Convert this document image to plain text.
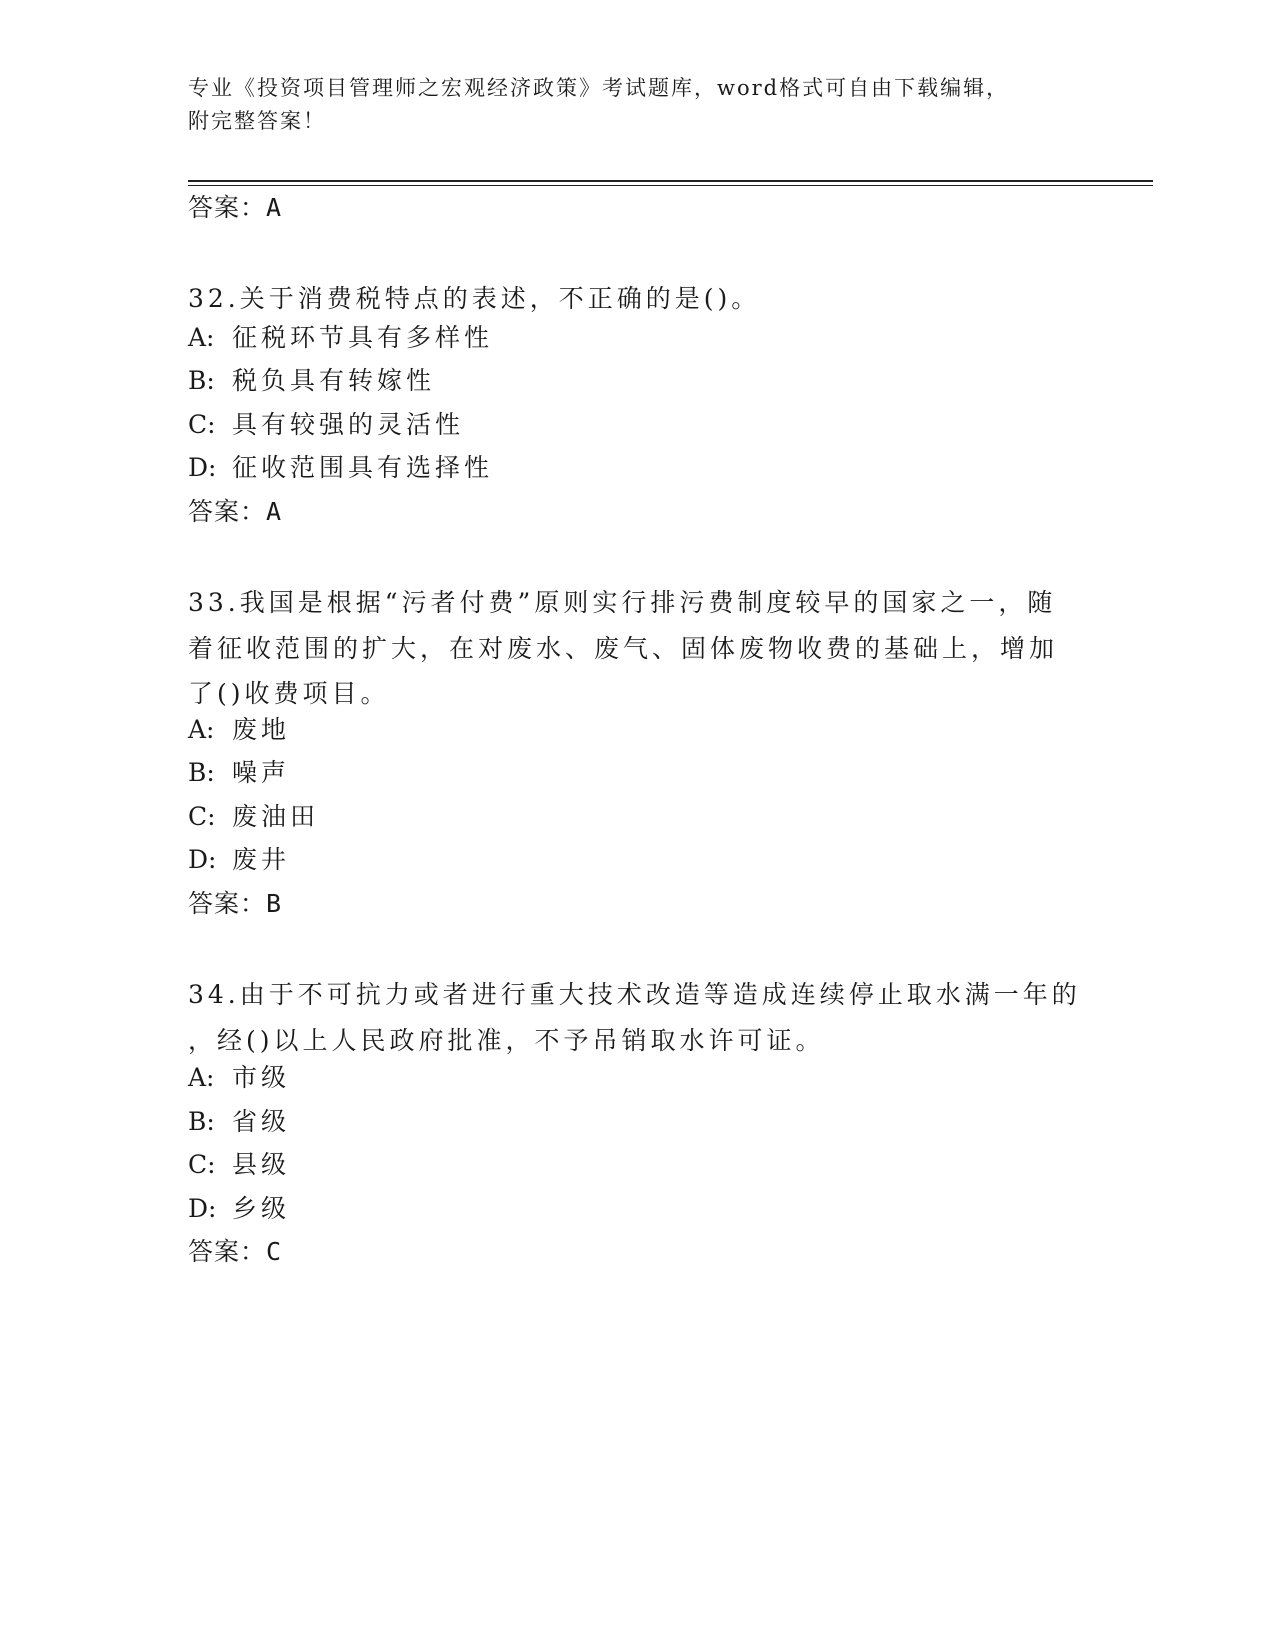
专业《投资项目管理师之宏观经济政策》考试题库，word格式可自由下载编辑，
附完整答案！
答案：A
32.关于消费税特点的表述，不正确的是()。
A: 征税环节具有多样性
B: 税负具有转嫁性
C: 具有较强的灵活性
D: 征收范围具有选择性
答案：A
33.我国是根据“污者付费”原则实行排污费制度较早的国家之一，随
着征收范围的扩大，在对废水、废气、固体废物收费的基础上，增加
了()收费项目。
A: 废地
B: 噪声
C: 废油田
D: 废井
答案：B
34.由于不可抗力或者进行重大技术改造等造成连续停止取水满一年的
，经()以上人民政府批准，不予吊销取水许可证。
A: 市级
B: 省级
C: 县级
D: 乡级
答案：C
